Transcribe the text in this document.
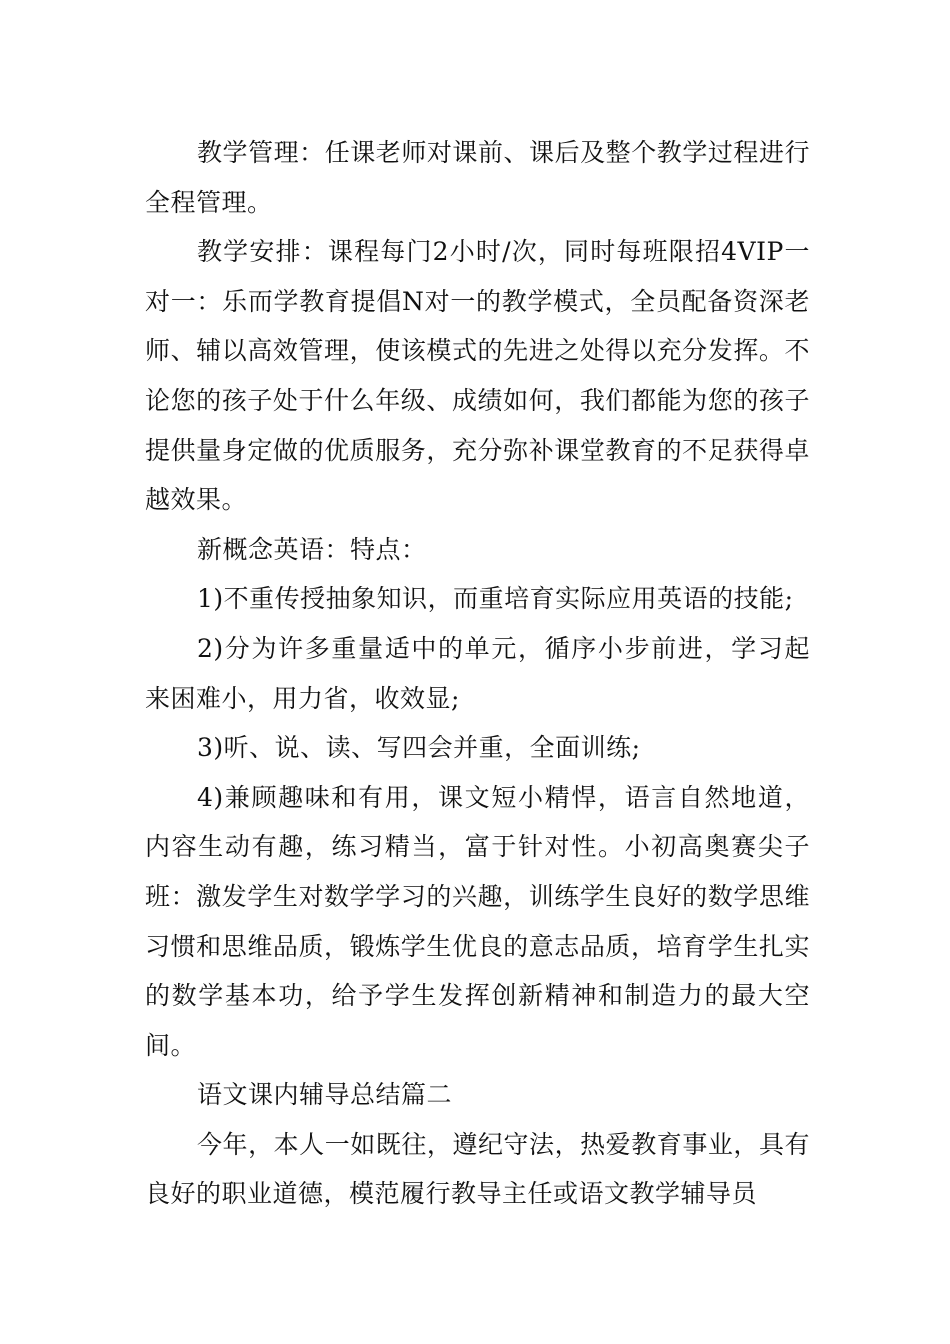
教学管理：任课老师对课前、课后及整个教学过程进行全程管理。

教学安排：课程每门2小时/次，同时每班限招4VIP一对一：乐而学教育提倡N对一的教学模式，全员配备资深老师、辅以高效管理，使该模式的先进之处得以充分发挥。不论您的孩子处于什么年级、成绩如何，我们都能为您的孩子提供量身定做的优质服务，充分弥补课堂教育的不足获得卓越效果。

新概念英语：特点：

1)不重传授抽象知识，而重培育实际应用英语的技能;

2)分为许多重量适中的单元，循序小步前进，学习起来困难小，用力省，收效显;

3)听、说、读、写四会并重，全面训练;

4)兼顾趣味和有用，课文短小精悍，语言自然地道，内容生动有趣，练习精当，富于针对性。小初高奥赛尖子班：激发学生对数学学习的兴趣，训练学生良好的数学思维习惯和思维品质，锻炼学生优良的意志品质，培育学生扎实的数学基本功，给予学生发挥创新精神和制造力的最大空间。

语文课内辅导总结篇二

今年，本人一如既往，遵纪守法，热爱教育事业，具有良好的职业道德，模范履行教导主任或语文教学辅导员
